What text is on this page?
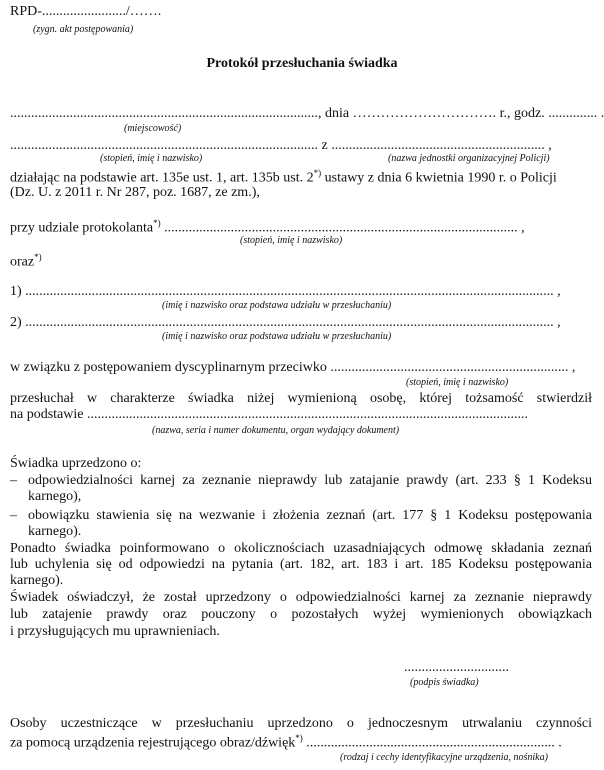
RPD-......................../…….
(zygn. akt postępowania)
Protokół przesłuchania świadka
........................................................................................, dnia …………………………. r., godz. .............. .
(miejscowość)
........................................................................................ z ............................................................. ,
(stopień, imię i nazwisko)	(nazwa jednostki organizacyjnej Policji)
działając na podstawie art. 135e ust. 1, art. 135b ust. 2*) ustawy z dnia 6 kwietnia 1990 r. o Policji
(Dz. U. z 2011 r. Nr 287, poz. 1687, ze zm.),
przy udziale protokolanta*) ..................................................................................................... ,
(stopień, imię i nazwisko)
oraz*)
1) ....................................................................................................................................................... ,
(imię i nazwisko oraz podstawa udziału w przesłuchaniu)
2) ....................................................................................................................................................... ,
(imię i nazwisko oraz podstawa udziału w przesłuchaniu)
w związku z postępowaniem dyscyplinarnym przeciwko .................................................................... ,
(stopień, imię i nazwisko)
przesłuchał w charakterze świadka niżej wymienioną osobę, której tożsamość stwierdził
na podstawie ..............................................................................................................................
(nazwa, seria i numer dokumentu, organ wydający dokument)
Świadka uprzedzono o:
– odpowiedzialności karnej za zeznanie nieprawdy lub zatajanie prawdy (art. 233 § 1 Kodeksu
karnego),
– obowiązku stawienia się na wezwanie i złożenia zeznań (art. 177 § 1 Kodeksu postępowania
karnego).
Ponadto świadka poinformowano o okolicznościach uzasadniających odmowę składania zeznań
lub uchylenia się od odpowiedzi na pytania (art. 182, art. 183 i art. 185 Kodeksu postępowania
karnego).
Świadek oświadczył, że został uprzedzony o odpowiedzialności karnej za zeznanie nieprawdy
lub zatajenie prawdy oraz pouczony o pozostałych wyżej wymienionych obowiązkach
i przysługujących mu uprawnieniach.
..............................
(podpis świadka)
Osoby uczestniczące w przesłuchaniu uprzedzono o jednoczesnym utrwalaniu czynności
za pomocą urządzenia rejestrującego obraz/dźwięk*) ....................................................................... .
(rodzaj i cechy identyfikacyjne urządzenia, nośnika)
